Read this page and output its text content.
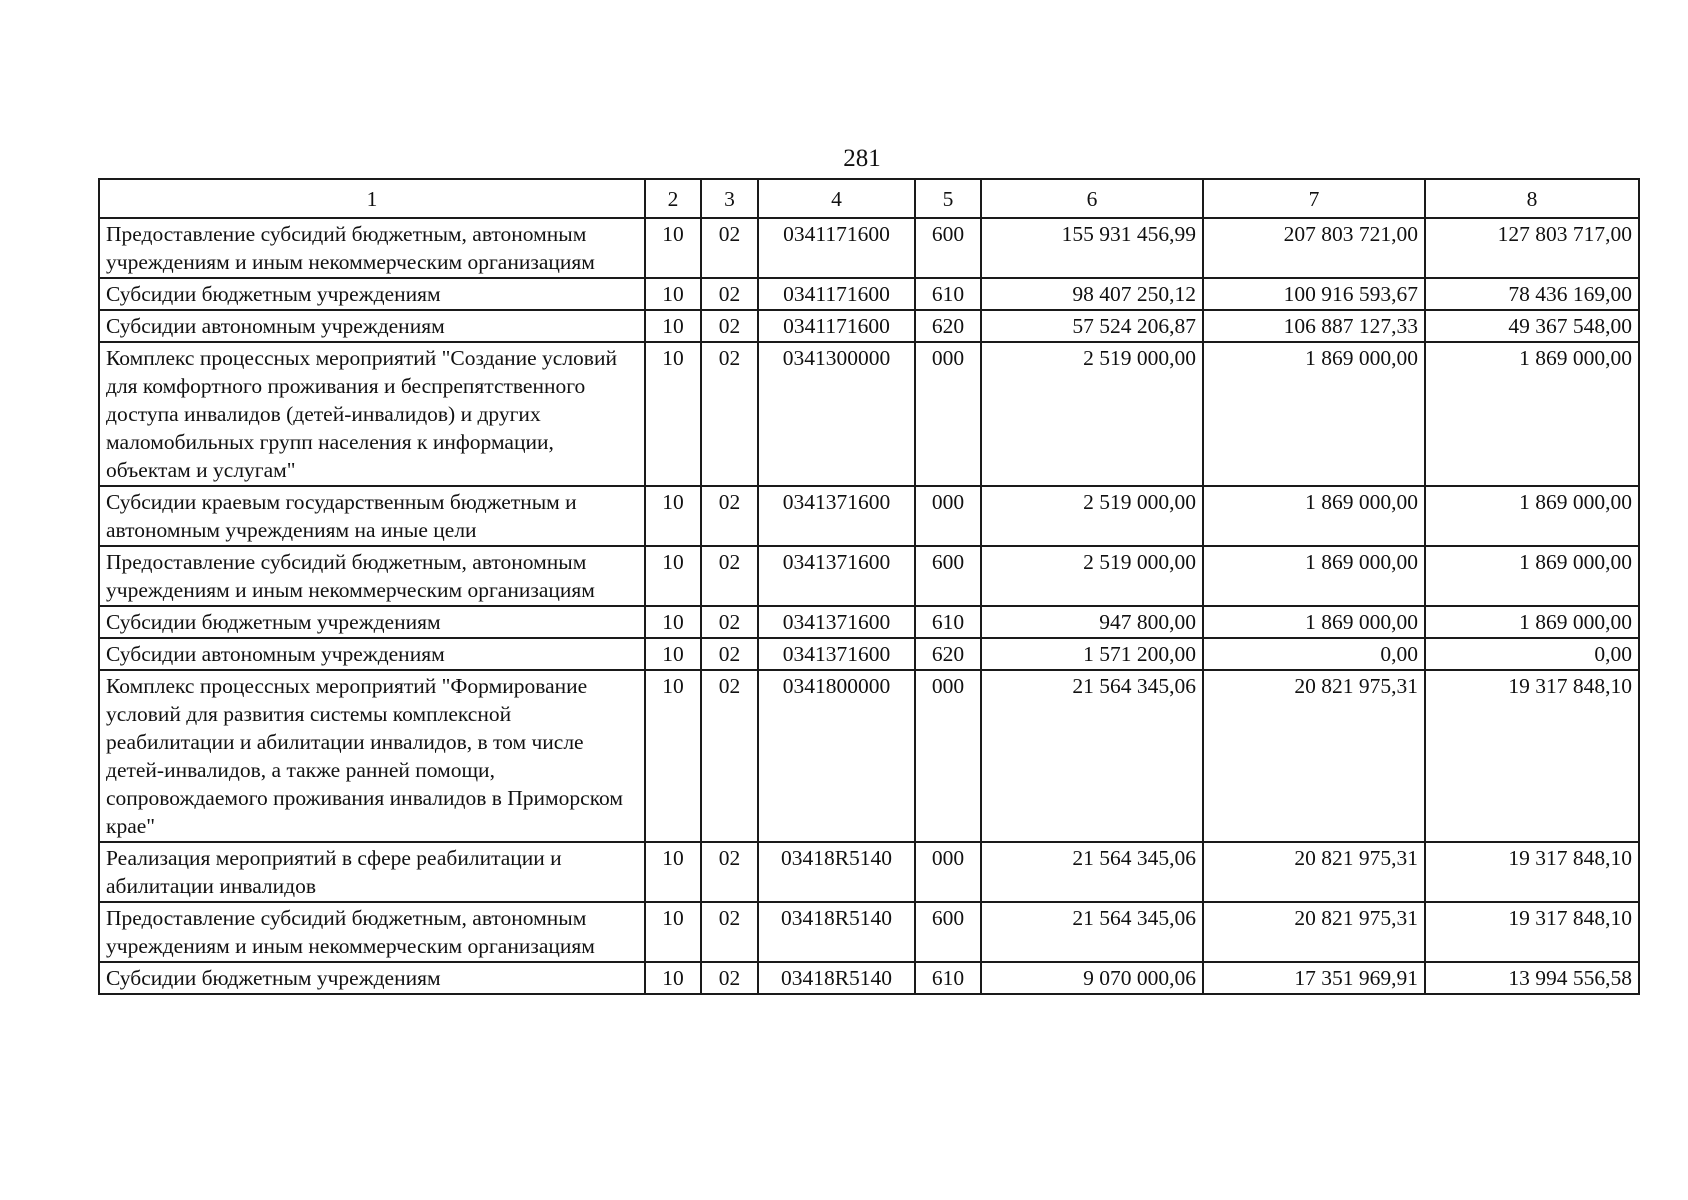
281
1	2	3	4	5	6	7	8
Предоставление субсидий бюджетным, автономным учреждениям и иным некоммерческим организациям	10	02	0341171600	600	155 931 456,99	207 803 721,00	127 803 717,00
Субсидии бюджетным учреждениям	10	02	0341171600	610	98 407 250,12	100 916 593,67	78 436 169,00
Субсидии автономным учреждениям	10	02	0341171600	620	57 524 206,87	106 887 127,33	49 367 548,00
Комплекс процессных мероприятий "Создание условий для комфортного проживания и беспрепятственного доступа инвалидов (детей-инвалидов) и других маломобильных групп населения к информации, объектам и услугам"	10	02	0341300000	000	2 519 000,00	1 869 000,00	1 869 000,00
Субсидии краевым государственным бюджетным и автономным учреждениям на иные цели	10	02	0341371600	000	2 519 000,00	1 869 000,00	1 869 000,00
Предоставление субсидий бюджетным, автономным учреждениям и иным некоммерческим организациям	10	02	0341371600	600	2 519 000,00	1 869 000,00	1 869 000,00
Субсидии бюджетным учреждениям	10	02	0341371600	610	947 800,00	1 869 000,00	1 869 000,00
Субсидии автономным учреждениям	10	02	0341371600	620	1 571 200,00	0,00	0,00
Комплекс процессных мероприятий "Формирование условий для развития системы комплексной реабилитации и абилитации инвалидов, в том числе детей-инвалидов, а также ранней помощи, сопровождаемого проживания инвалидов в Приморском крае"	10	02	0341800000	000	21 564 345,06	20 821 975,31	19 317 848,10
Реализация мероприятий в сфере реабилитации и абилитации инвалидов	10	02	03418R5140	000	21 564 345,06	20 821 975,31	19 317 848,10
Предоставление субсидий бюджетным, автономным учреждениям и иным некоммерческим организациям	10	02	03418R5140	600	21 564 345,06	20 821 975,31	19 317 848,10
Субсидии бюджетным учреждениям	10	02	03418R5140	610	9 070 000,06	17 351 969,91	13 994 556,58
